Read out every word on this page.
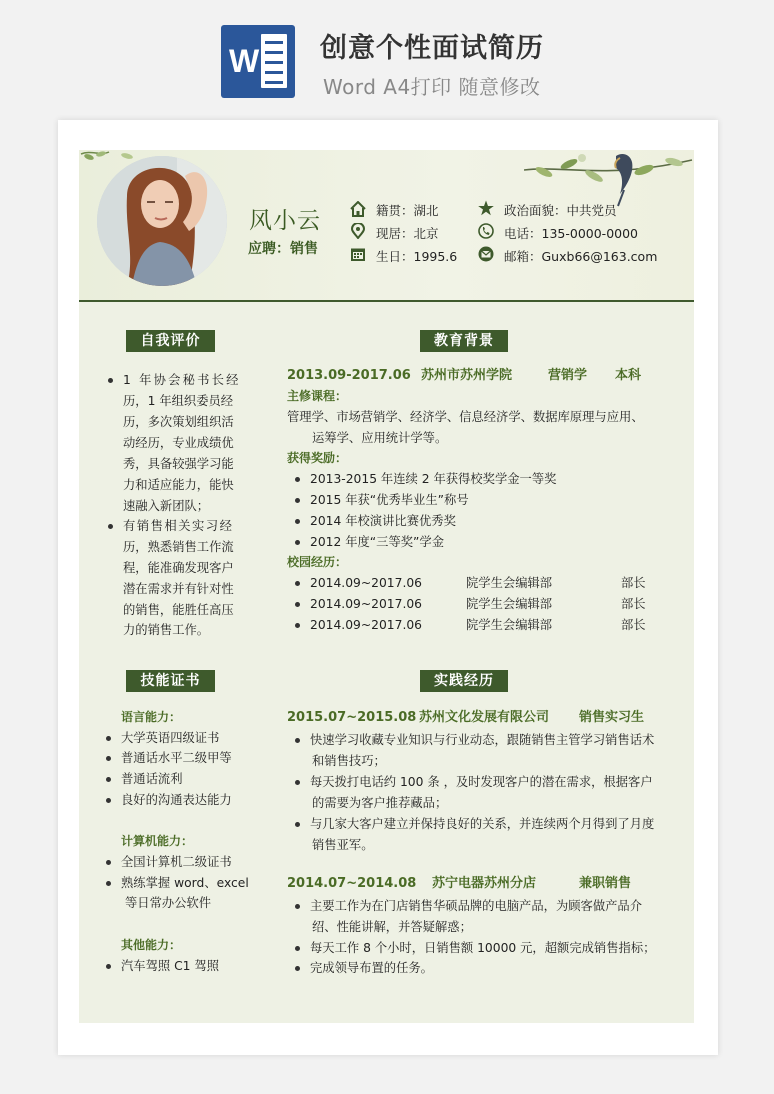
W 创意个性面试简历
Word A4打印 随意修改
风小云
应聘：销售
籍贯：湖北	政治面貌：中共党员
现居：北京	电话：135-0000-0000
生日：1995.6	邮箱：Guxb66@163.com
自我评价
1 年协会秘书长经
历，1 年组织委员经
历，多次策划组织活
动经历，专业成绩优
秀，具备较强学习能
力和适应能力，能快
速融入新团队；
有销售相关实习经
历，熟悉销售工作流
程，能准确发现客户
潜在需求并有针对性
的销售，能胜任高压
力的销售工作。
技能证书
语言能力：
大学英语四级证书
普通话水平二级甲等
普通话流利
良好的沟通表达能力
计算机能力：
全国计算机二级证书
熟练掌握 word、excel
等日常办公软件
其他能力：
汽车驾照 C1 驾照
教育背景
2013.09-2017.06 苏州市苏州学院	营销学 本科
主修课程：
管理学、市场营销学、经济学、信息经济学、数据库原理与应用、
运筹学、应用统计学等。
获得奖励：
2013-2015 年连续 2 年获得校奖学金一等奖
2015 年获“优秀毕业生”称号
2014 年校演讲比赛优秀奖
2012 年度“三等奖”学金
校园经历：
2014.09~2017.06	院学生会编辑部	部长
2014.09~2017.06	院学生会编辑部	部长
2014.09~2017.06	院学生会编辑部	部长
实践经历
2015.07~2015.08 苏州文化发展有限公司 销售实习生
快速学习收藏专业知识与行业动态，跟随销售主管学习销售话术
和销售技巧；
每天拨打电话约 100 条 ，及时发现客户的潜在需求，根据客户
的需要为客户推荐藏品；
与几家大客户建立并保持良好的关系，并连续两个月得到了月度
销售亚军。
2014.07~2014.08 苏宁电器苏州分店	兼职销售
主要工作为在门店销售华硕品牌的电脑产品，为顾客做产品介
绍、性能讲解，并答疑解惑；
每天工作 8 个小时，日销售额 10000 元，超额完成销售指标；
完成领导布置的任务。
